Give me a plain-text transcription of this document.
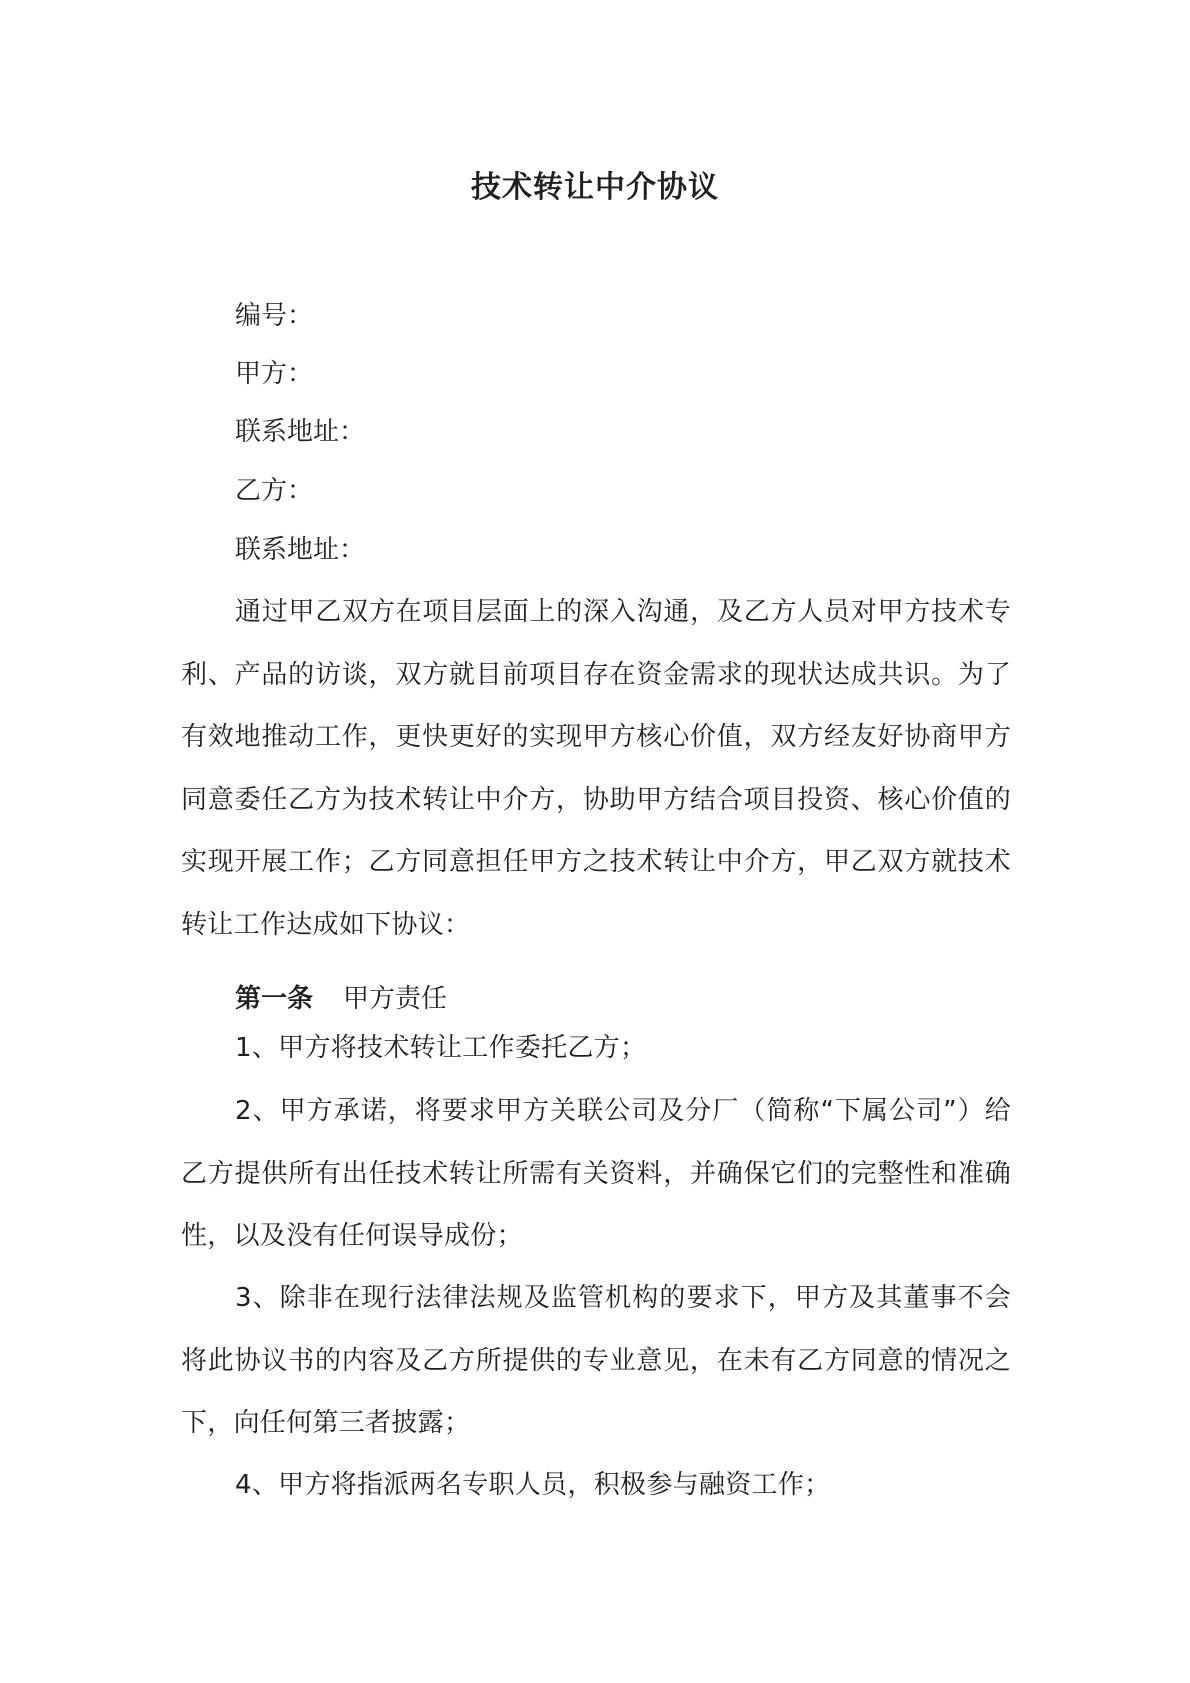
技术转让中介协议
编号：
甲方：
联系地址：
乙方：
联系地址：
通过甲乙双方在项目层面上的深入沟通，及乙方人员对甲方技术专利、产品的访谈，双方就目前项目存在资金需求的现状达成共识。为了有效地推动工作，更快更好的实现甲方核心价值，双方经友好协商甲方同意委任乙方为技术转让中介方，协助甲方结合项目投资、核心价值的实现开展工作；乙方同意担任甲方之技术转让中介方，甲乙双方就技术转让工作达成如下协议：
第一条 甲方责任
1、甲方将技术转让工作委托乙方；
2、甲方承诺，将要求甲方关联公司及分厂（简称“下属公司”）给乙方提供所有出任技术转让所需有关资料，并确保它们的完整性和准确性，以及没有任何误导成份；
3、除非在现行法律法规及监管机构的要求下，甲方及其董事不会将此协议书的内容及乙方所提供的专业意见，在未有乙方同意的情况之下，向任何第三者披露；
4、甲方将指派两名专职人员，积极参与融资工作；
